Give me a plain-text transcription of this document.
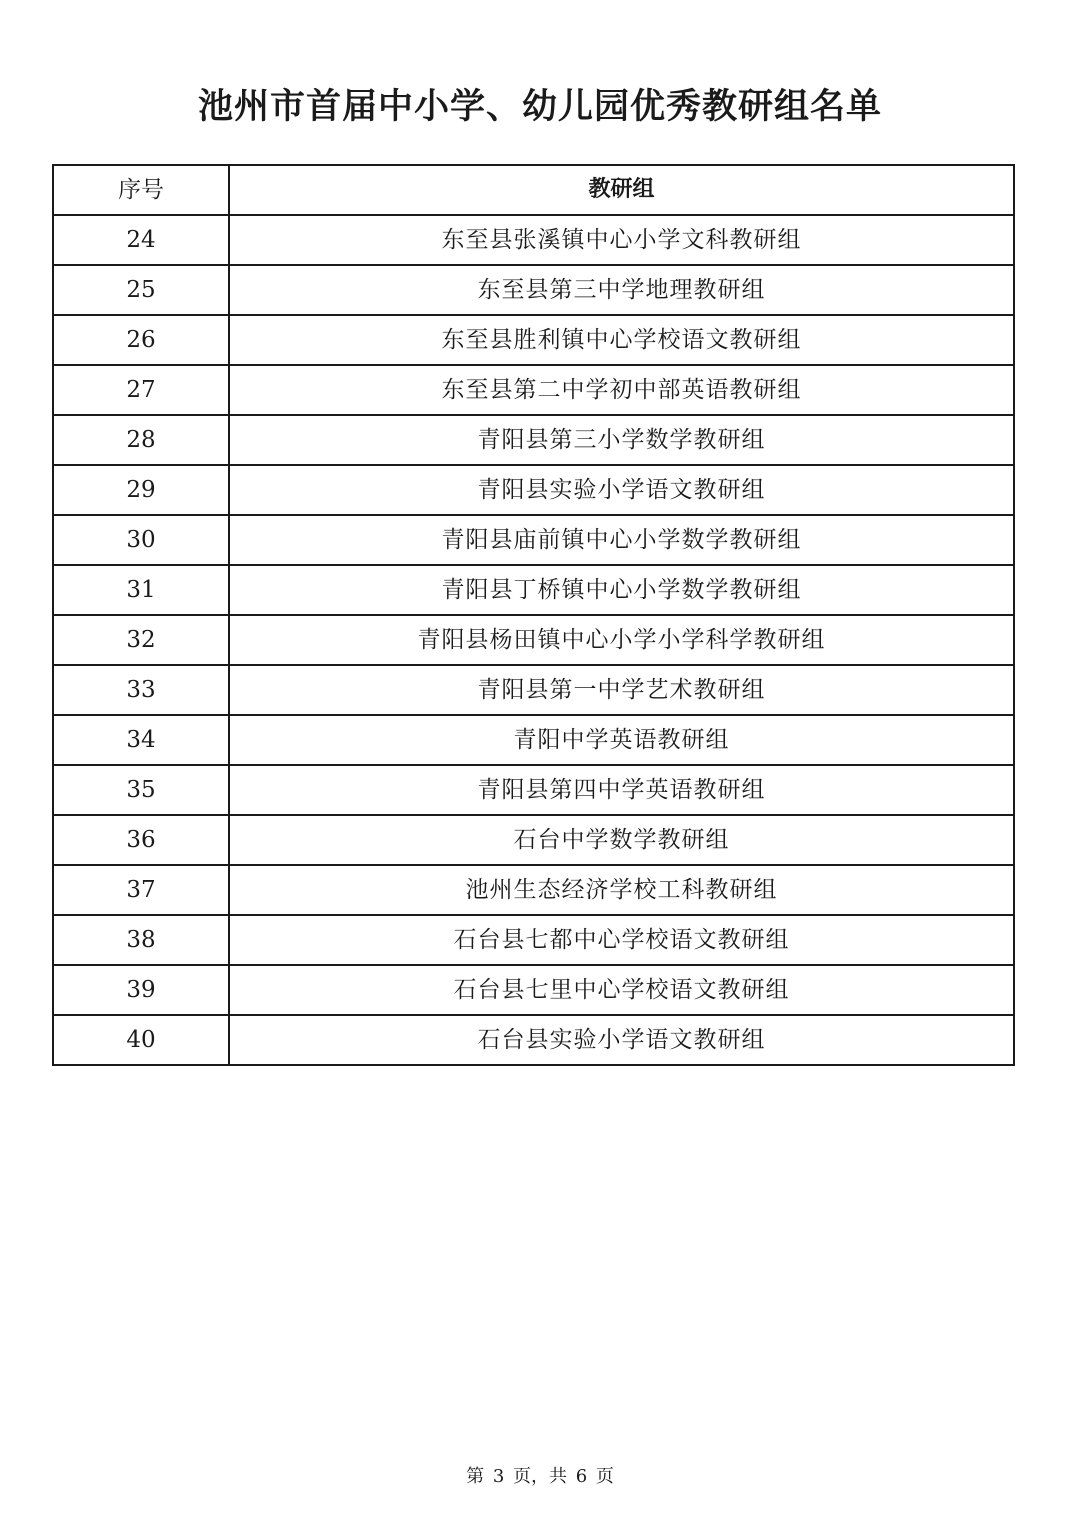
池州市首届中小学、幼儿园优秀教研组名单
序号	教研组
24	东至县张溪镇中心小学文科教研组
25	东至县第三中学地理教研组
26	东至县胜利镇中心学校语文教研组
27	东至县第二中学初中部英语教研组
28	青阳县第三小学数学教研组
29	青阳县实验小学语文教研组
30	青阳县庙前镇中心小学数学教研组
31	青阳县丁桥镇中心小学数学教研组
32	青阳县杨田镇中心小学小学科学教研组
33	青阳县第一中学艺术教研组
34	青阳中学英语教研组
35	青阳县第四中学英语教研组
36	石台中学数学教研组
37	池州生态经济学校工科教研组
38	石台县七都中心学校语文教研组
39	石台县七里中心学校语文教研组
40	石台县实验小学语文教研组
第 3 页，共 6 页
